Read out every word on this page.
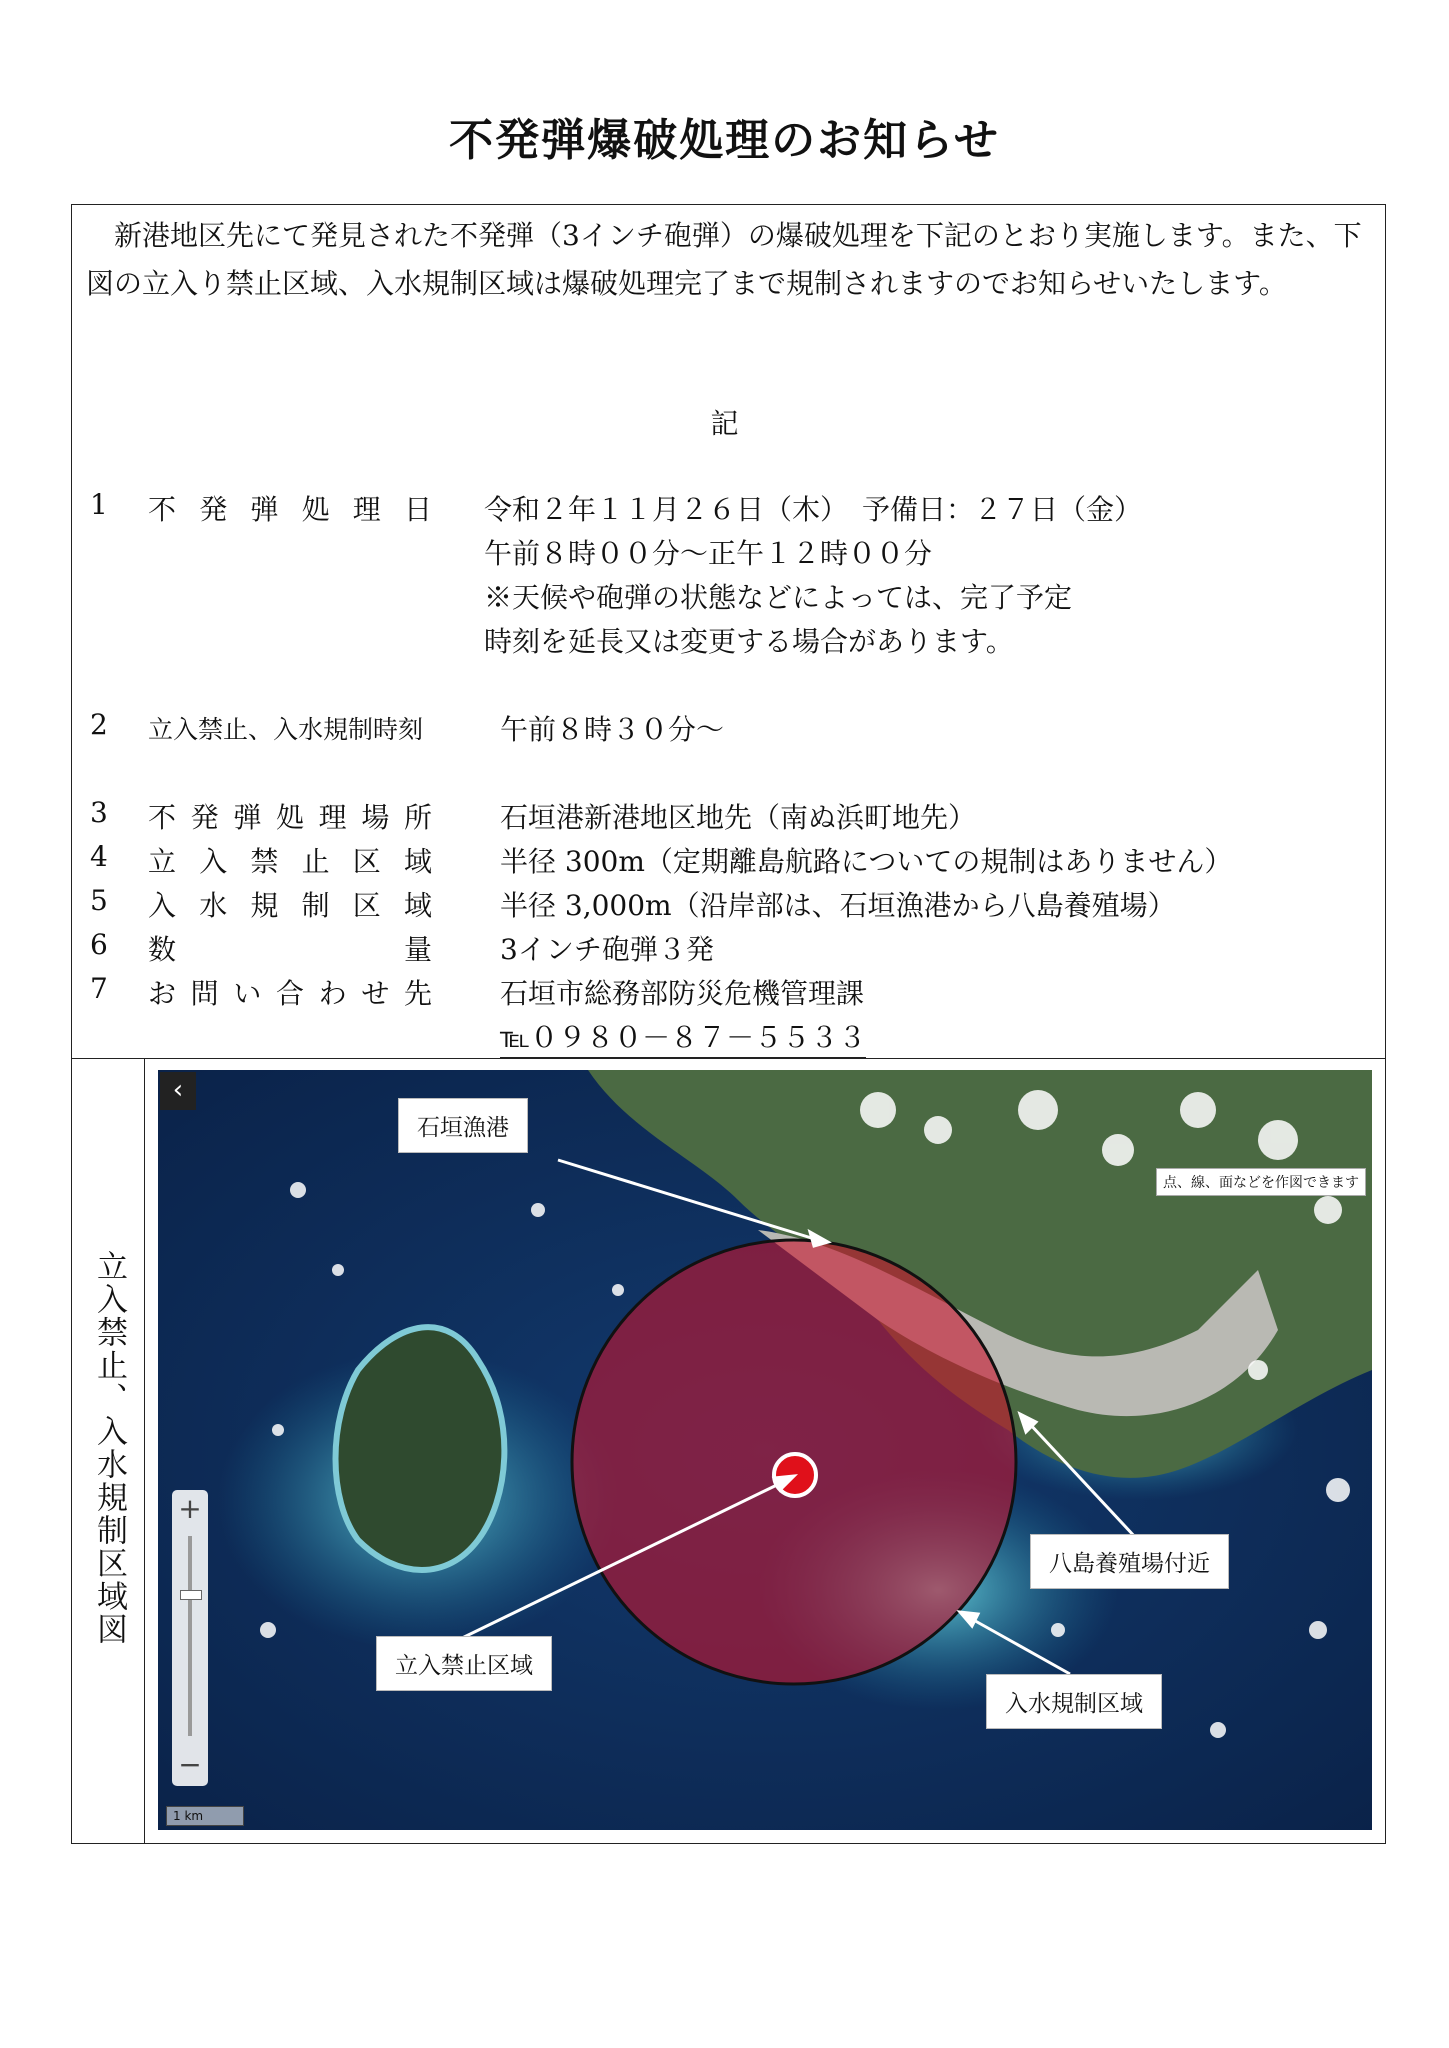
不発弾爆破処理のお知らせ

新港地区先にて発見された不発弾（3インチ砲弾）の爆破処理を下記のとおり実施します。また、下図の立入り禁止区域、入水規制区域は爆破処理完了まで規制されますのでお知らせいたします。

記
1 不発弾処理日 令和２年１１月２６日（木）　予備日：２７日（金）
午前８時００分～正午１２時００分
※天候や砲弾の状態などによっては、完了予定
時刻を延長又は変更する場合があります。
2 立入禁止、入水規制時刻	午前８時３０分～
3 不発弾処理場所 石垣港新港地区地先（南ぬ浜町地先）
4 立入禁止区域 半径 300m（定期離島航路についての規制はありません）
5 入水規制区域 半径 3,000m（沿岸部は、石垣漁港から八島養殖場）
6 数量 3インチ砲弾３発
7 お問い合わせ先 石垣市総務部防災危機管理課
℡０９８０－８７－５５３３
立入禁止、入水規制区域図
‹
点、線、面などを作図できます
石垣漁港
八島養殖場付近
立入禁止区域
入水規制区域
+
−
1 km
